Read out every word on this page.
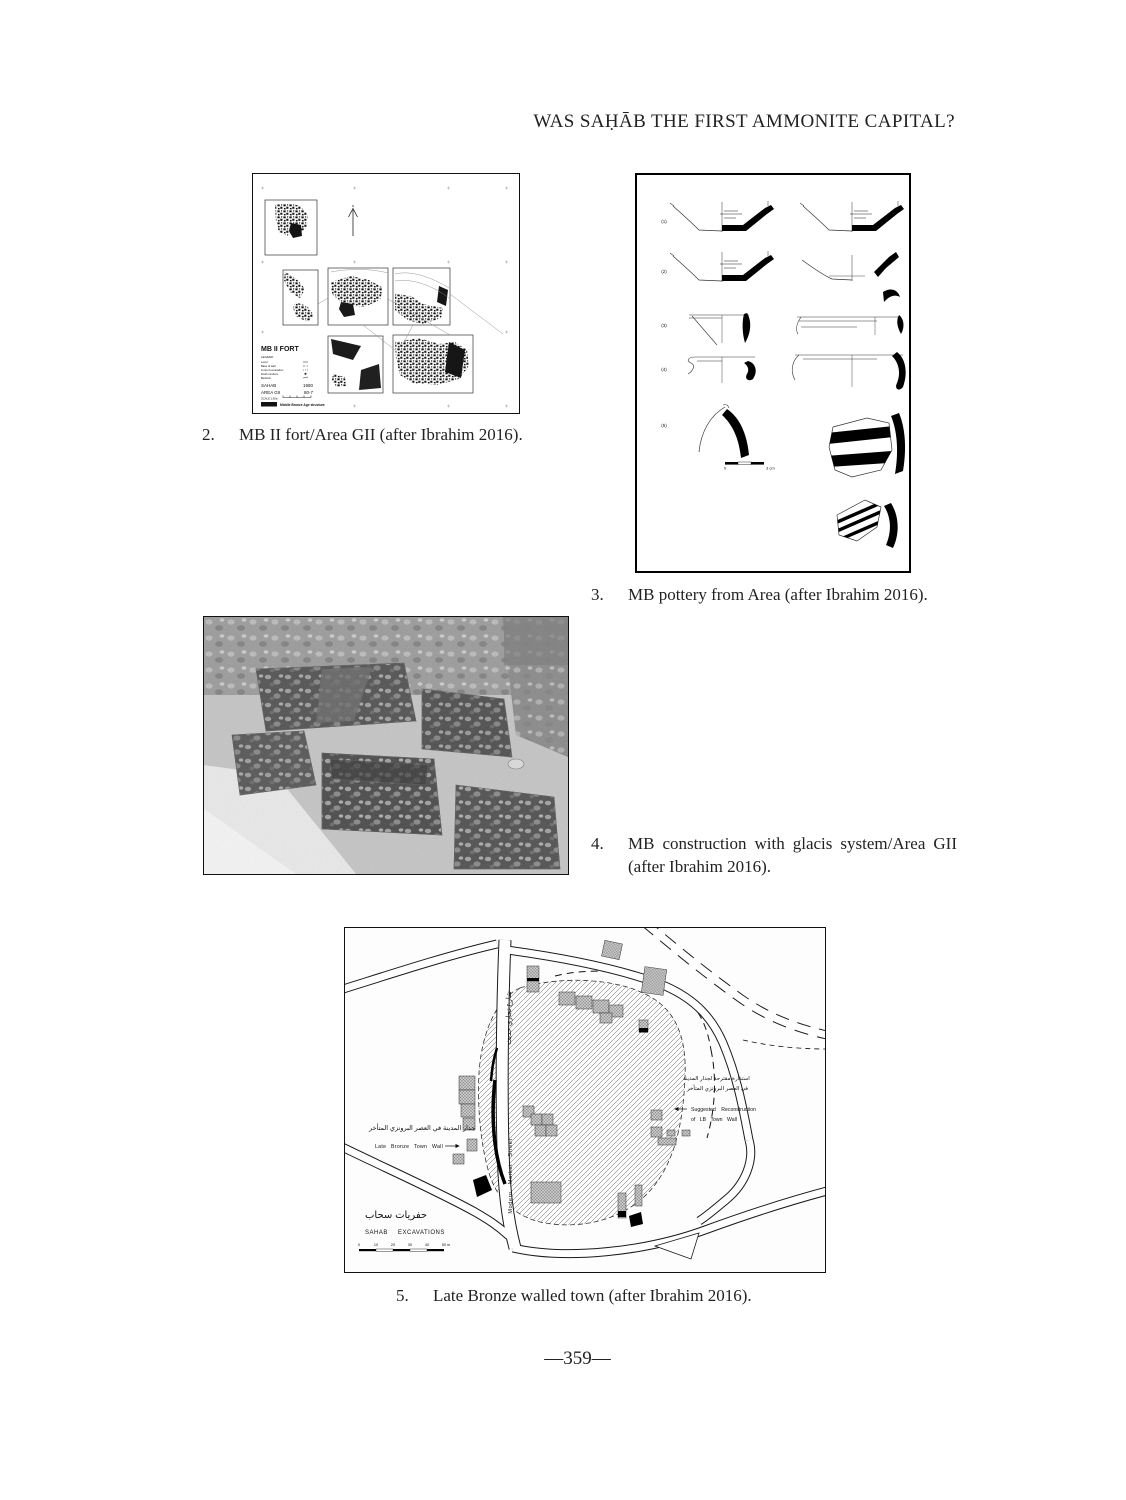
WAS SAḤĀB THE FIRST AMMONITE CAPITAL?
MB II FORT
LEGEND
Level
Base of wall
Limit of excavation
Field numbers
Bedrock
SAHAB	1980
AREA GII	80-7
SCALE 1:50m
Middle Bronze Age structure
2.	MB II fort/Area GII (after Ibrahim 2016).
(1)
(2)
(3)
(4)
(5)
0	3 cm
3.	MB pottery from Area (after Ibrahim 2016).
4.	MB construction with glacis system/Area GII (after Ibrahim 2016).
شارع تجاري حديث
Modern Market Street
جدار المدينة في العصر البرونزي المتأخر
Late Bronze Town Wall
استدارة مقترحة لجدار المدينة
في العصر البرونزي المتأخر
Suggested Reconstruction
of LB Town Wall
حفريات سحاب
SAHAB EXCAVATIONS
0	10	20	30	40	50 m
5.	Late Bronze walled town (after Ibrahim 2016).
—359—
